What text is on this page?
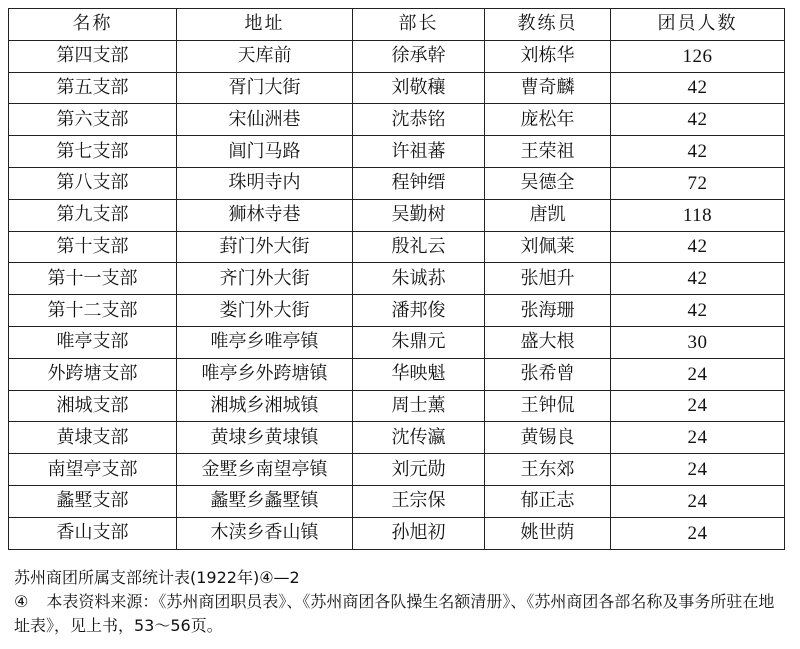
名称	地址	部长	教练员	团员人数
第四支部	天库前	徐承幹	刘栋华	126
第五支部	胥门大街	刘敬穰	曹奇麟	42
第六支部	宋仙洲巷	沈恭铭	庞松年	42
第七支部	阊门马路	许祖蕃	王荣祖	42
第八支部	珠明寺内	程钟缙	吴德全	72
第九支部	狮林寺巷	吴勤树	唐凯	118
第十支部	葑门外大街	殷礼云	刘佩莱	42
第十一支部	齐门外大街	朱诚荪	张旭升	42
第十二支部	娄门外大街	潘邦俊	张海珊	42
唯亭支部	唯亭乡唯亭镇	朱鼎元	盛大根	30
外跨塘支部	唯亭乡外跨塘镇	华映魁	张希曾	24
湘城支部	湘城乡湘城镇	周士薰	王钟侃	24
黄埭支部	黄埭乡黄埭镇	沈传瀛	黄锡良	24
南望亭支部	金墅乡南望亭镇	刘元勋	王东郊	24
蠡墅支部	蠡墅乡蠡墅镇	王宗保	郁正志	24
香山支部	木渎乡香山镇	孙旭初	姚世荫	24
苏州商团所属支部统计表(1922年)④—2
④ 本表资料来源：《苏州商团职员表》、《苏州商团各队操生名额清册》、《苏州商团各部名称及事务所驻在地址表》，见上书，53～56页。
